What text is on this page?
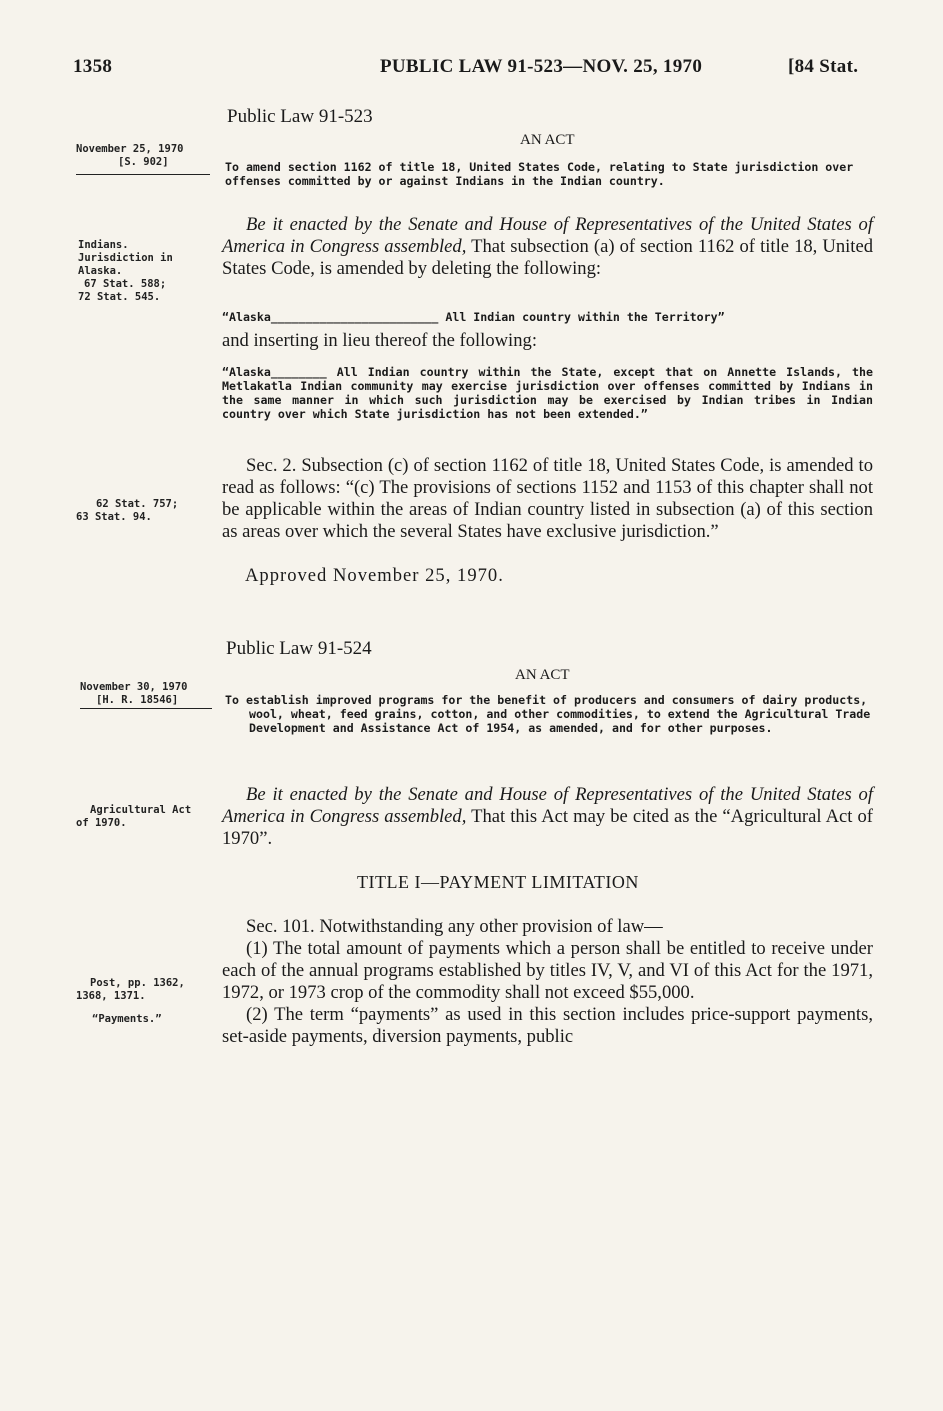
1358	PUBLIC LAW 91-523—NOV. 25, 1970	[84 Stat.
Public Law 91-523
AN ACT
November 25, 1970
[S. 902]	To amend section 1162 of title 18, United States Code, relating to State jurisdiction over offenses committed by or against Indians in the Indian country.
Indians.
Jurisdiction in
Alaska.
67 Stat. 588;
72 Stat. 545.

Be it enacted by the Senate and House of Representatives of the United States of America in Congress assembled, That subsection (a) of section 1162 of title 18, United States Code, is amended by deleting the following:

“Alaska________________________ All Indian country within the Territory”
and inserting in lieu thereof the following:
“Alaska________ All Indian country within the State, except that on Annette Islands, the Metlakatla Indian community may exercise jurisdiction over offenses committed by Indians in the same manner in which such jurisdiction may be exercised by Indian tribes in Indian country over which State jurisdiction has not been extended.”
62 Stat. 757;
63 Stat. 94.

Sec. 2. Subsection (c) of section 1162 of title 18, United States Code, is amended to read as follows: “(c) The provisions of sections 1152 and 1153 of this chapter shall not be applicable within the areas of Indian country listed in subsection (a) of this section as areas over which the several States have exclusive jurisdiction.”

Approved November 25, 1970.
Public Law 91-524
AN ACT
November 30, 1970
[H. R. 18546]	To establish improved programs for the benefit of producers and consumers of dairy products, wool, wheat, feed grains, cotton, and other commodities, to extend the Agricultural Trade Development and Assistance Act of 1954, as amended, and for other purposes.
Agricultural Act
of 1970.

Be it enacted by the Senate and House of Representatives of the United States of America in Congress assembled, That this Act may be cited as the “Agricultural Act of 1970”.

TITLE I—PAYMENT LIMITATION

Sec. 101. Notwithstanding any other provision of law—

(1) The total amount of payments which a person shall be entitled to receive under each of the annual programs established by titles IV, V, and VI of this Act for the 1971, 1972, or 1973 crop of the commodity shall not exceed $55,000.

(2) The term “payments” as used in this section includes price-support payments, set-aside payments, diversion payments, public

Post, pp. 1362,
1368, 1371.
“Payments.”
